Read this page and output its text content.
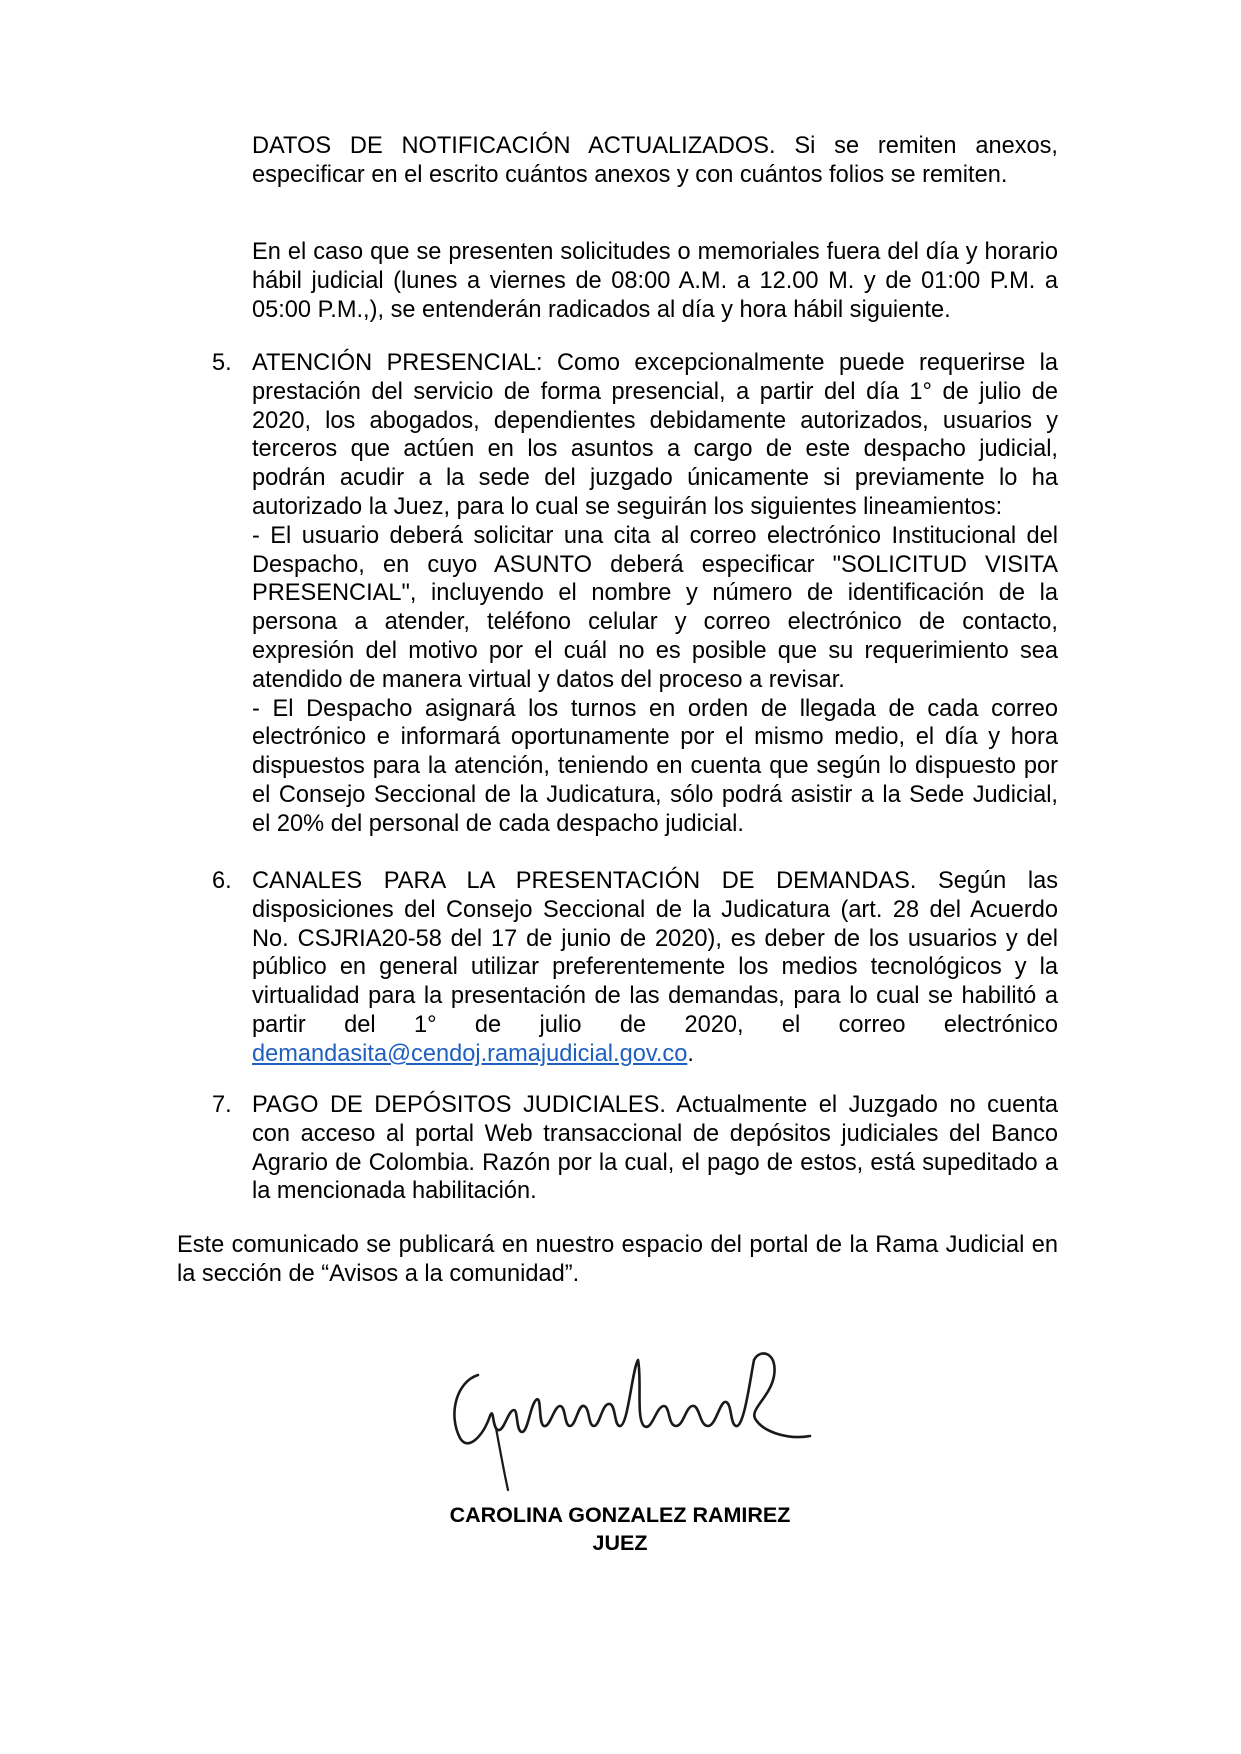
DATOS DE NOTIFICACIÓN ACTUALIZADOS. Si se remiten anexos, especificar en el escrito cuántos anexos y con cuántos folios se remiten.

En el caso que se presenten solicitudes o memoriales fuera del día y horario hábil judicial (lunes a viernes de 08:00 A.M. a 12.00 M. y de 01:00 P.M. a 05:00 P.M.,), se entenderán radicados al día y hora hábil siguiente.

5. ATENCIÓN PRESENCIAL: Como excepcionalmente puede requerirse la prestación del servicio de forma presencial, a partir del día 1° de julio de 2020, los abogados, dependientes debidamente autorizados, usuarios y terceros que actúen en los asuntos a cargo de este despacho judicial, podrán acudir a la sede del juzgado únicamente si previamente lo ha autorizado la Juez, para lo cual se seguirán los siguientes lineamientos:

- El usuario deberá solicitar una cita al correo electrónico Institucional del Despacho, en cuyo ASUNTO deberá especificar "SOLICITUD VISITA PRESENCIAL", incluyendo el nombre y número de identificación de la persona a atender, teléfono celular y correo electrónico de contacto, expresión del motivo por el cuál no es posible que su requerimiento sea atendido de manera virtual y datos del proceso a revisar.

- El Despacho asignará los turnos en orden de llegada de cada correo electrónico e informará oportunamente por el mismo medio, el día y hora dispuestos para la atención, teniendo en cuenta que según lo dispuesto por el Consejo Seccional de la Judicatura, sólo podrá asistir a la Sede Judicial, el 20% del personal de cada despacho judicial.

6. CANALES PARA LA PRESENTACIÓN DE DEMANDAS. Según las disposiciones del Consejo Seccional de la Judicatura (art. 28 del Acuerdo No. CSJRIA20-58 del 17 de junio de 2020), es deber de los usuarios y del público en general utilizar preferentemente los medios tecnológicos y la virtualidad para la presentación de las demandas, para lo cual se habilitó a partir del 1° de julio de 2020, el correo electrónico demandasita@cendoj.ramajudicial.gov.co.

7. PAGO DE DEPÓSITOS JUDICIALES. Actualmente el Juzgado no cuenta con acceso al portal Web transaccional de depósitos judiciales del Banco Agrario de Colombia. Razón por la cual, el pago de estos, está supeditado a la mencionada habilitación.

Este comunicado se publicará en nuestro espacio del portal de la Rama Judicial en la sección de “Avisos a la comunidad”.

CAROLINA GONZALEZ RAMIREZ
JUEZ
